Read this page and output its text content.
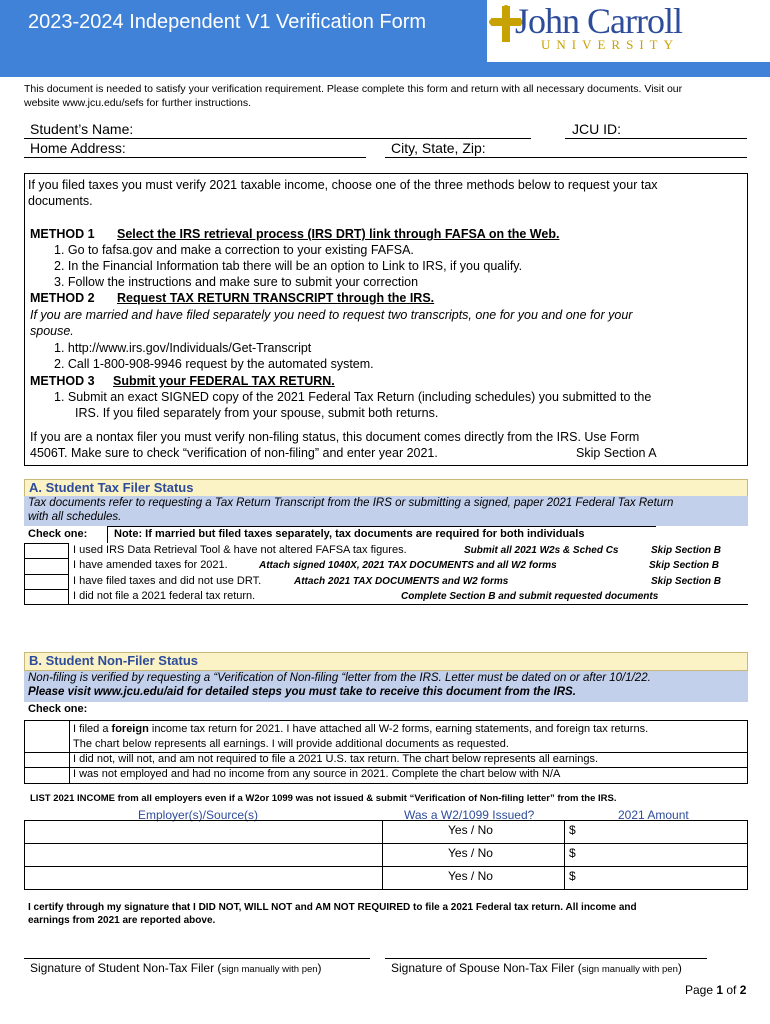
2023-2024 Independent V1 Verification Form John Carroll
UNIVERSITY
This document is needed to satisfy your verification requirement. Please complete this form and return with all necessary documents. Visit our
website www.jcu.edu/sefs for further instructions.
Student’s Name:	JCU ID:
Home Address:	City, State, Zip:
If you filed taxes you must verify 2021 taxable income, choose one of the three methods below to request your tax
documents.
METHOD 1 Select the IRS retrieval process (IRS DRT) link through FAFSA on the Web.
1. Go to fafsa.gov and make a correction to your existing FAFSA.
2. In the Financial Information tab there will be an option to Link to IRS, if you qualify.
3. Follow the instructions and make sure to submit your correction
METHOD 2 Request TAX RETURN TRANSCRIPT through the IRS.
If you are married and have filed separately you need to request two transcripts, one for you and one for your
spouse.
1. http://www.irs.gov/Individuals/Get-Transcript
2. Call 1-800-908-9946 request by the automated system.
METHOD 3 Submit your FEDERAL TAX RETURN.
1. Submit an exact SIGNED copy of the 2021 Federal Tax Return (including schedules) you submitted to the
IRS. If you filed separately from your spouse, submit both returns.
If you are a nontax filer you must verify non-filing status, this document comes directly from the IRS. Use Form
4506T. Make sure to check “verification of non-filing” and enter year 2021.	Skip Section A
A. Student Tax Filer Status
Tax documents refer to requesting a Tax Return Transcript from the IRS or submitting a signed, paper 2021 Federal Tax Return
with all schedules.
Check one: Note: If married but filed taxes separately, tax documents are required for both individuals
I used IRS Data Retrieval Tool & have not altered FAFSA tax figures.	Submit all 2021 W2s & Sched Cs	Skip Section B
I have amended taxes for 2021.	Attach signed 1040X, 2021 TAX DOCUMENTS and all W2 forms	Skip Section B
I have filed taxes and did not use DRT.	Attach 2021 TAX DOCUMENTS and W2 forms	Skip Section B
I did not file a 2021 federal tax return.	Complete Section B and submit requested documents
B. Student Non-Filer Status
Non-filing is verified by requesting a “Verification of Non-filing “letter from the IRS. Letter must be dated on or after 10/1/22.
Please visit www.jcu.edu/aid for detailed steps you must take to receive this document from the IRS.
Check one:
I filed a foreign income tax return for 2021. I have attached all W-2 forms, earning statements, and foreign tax returns.
The chart below represents all earnings. I will provide additional documents as requested.
I did not, will not, and am not required to file a 2021 U.S. tax return. The chart below represents all earnings.
I was not employed and had no income from any source in 2021. Complete the chart below with N/A
LIST 2021 INCOME from all employers even if a W2or 1099 was not issued & submit “Verification of Non-filing letter” from the IRS.
Employer(s)/Source(s)	Was a W2/1099 Issued?	2021 Amount
Yes / No	$
Yes / No	$
Yes / No	$
I certify through my signature that I DID NOT, WILL NOT and AM NOT REQUIRED to file a 2021 Federal tax return. All income and
earnings from 2021 are reported above.
Signature of Student Non-Tax Filer (sign manually with pen)	Signature of Spouse Non-Tax Filer (sign manually with pen)
Page 1 of 2
